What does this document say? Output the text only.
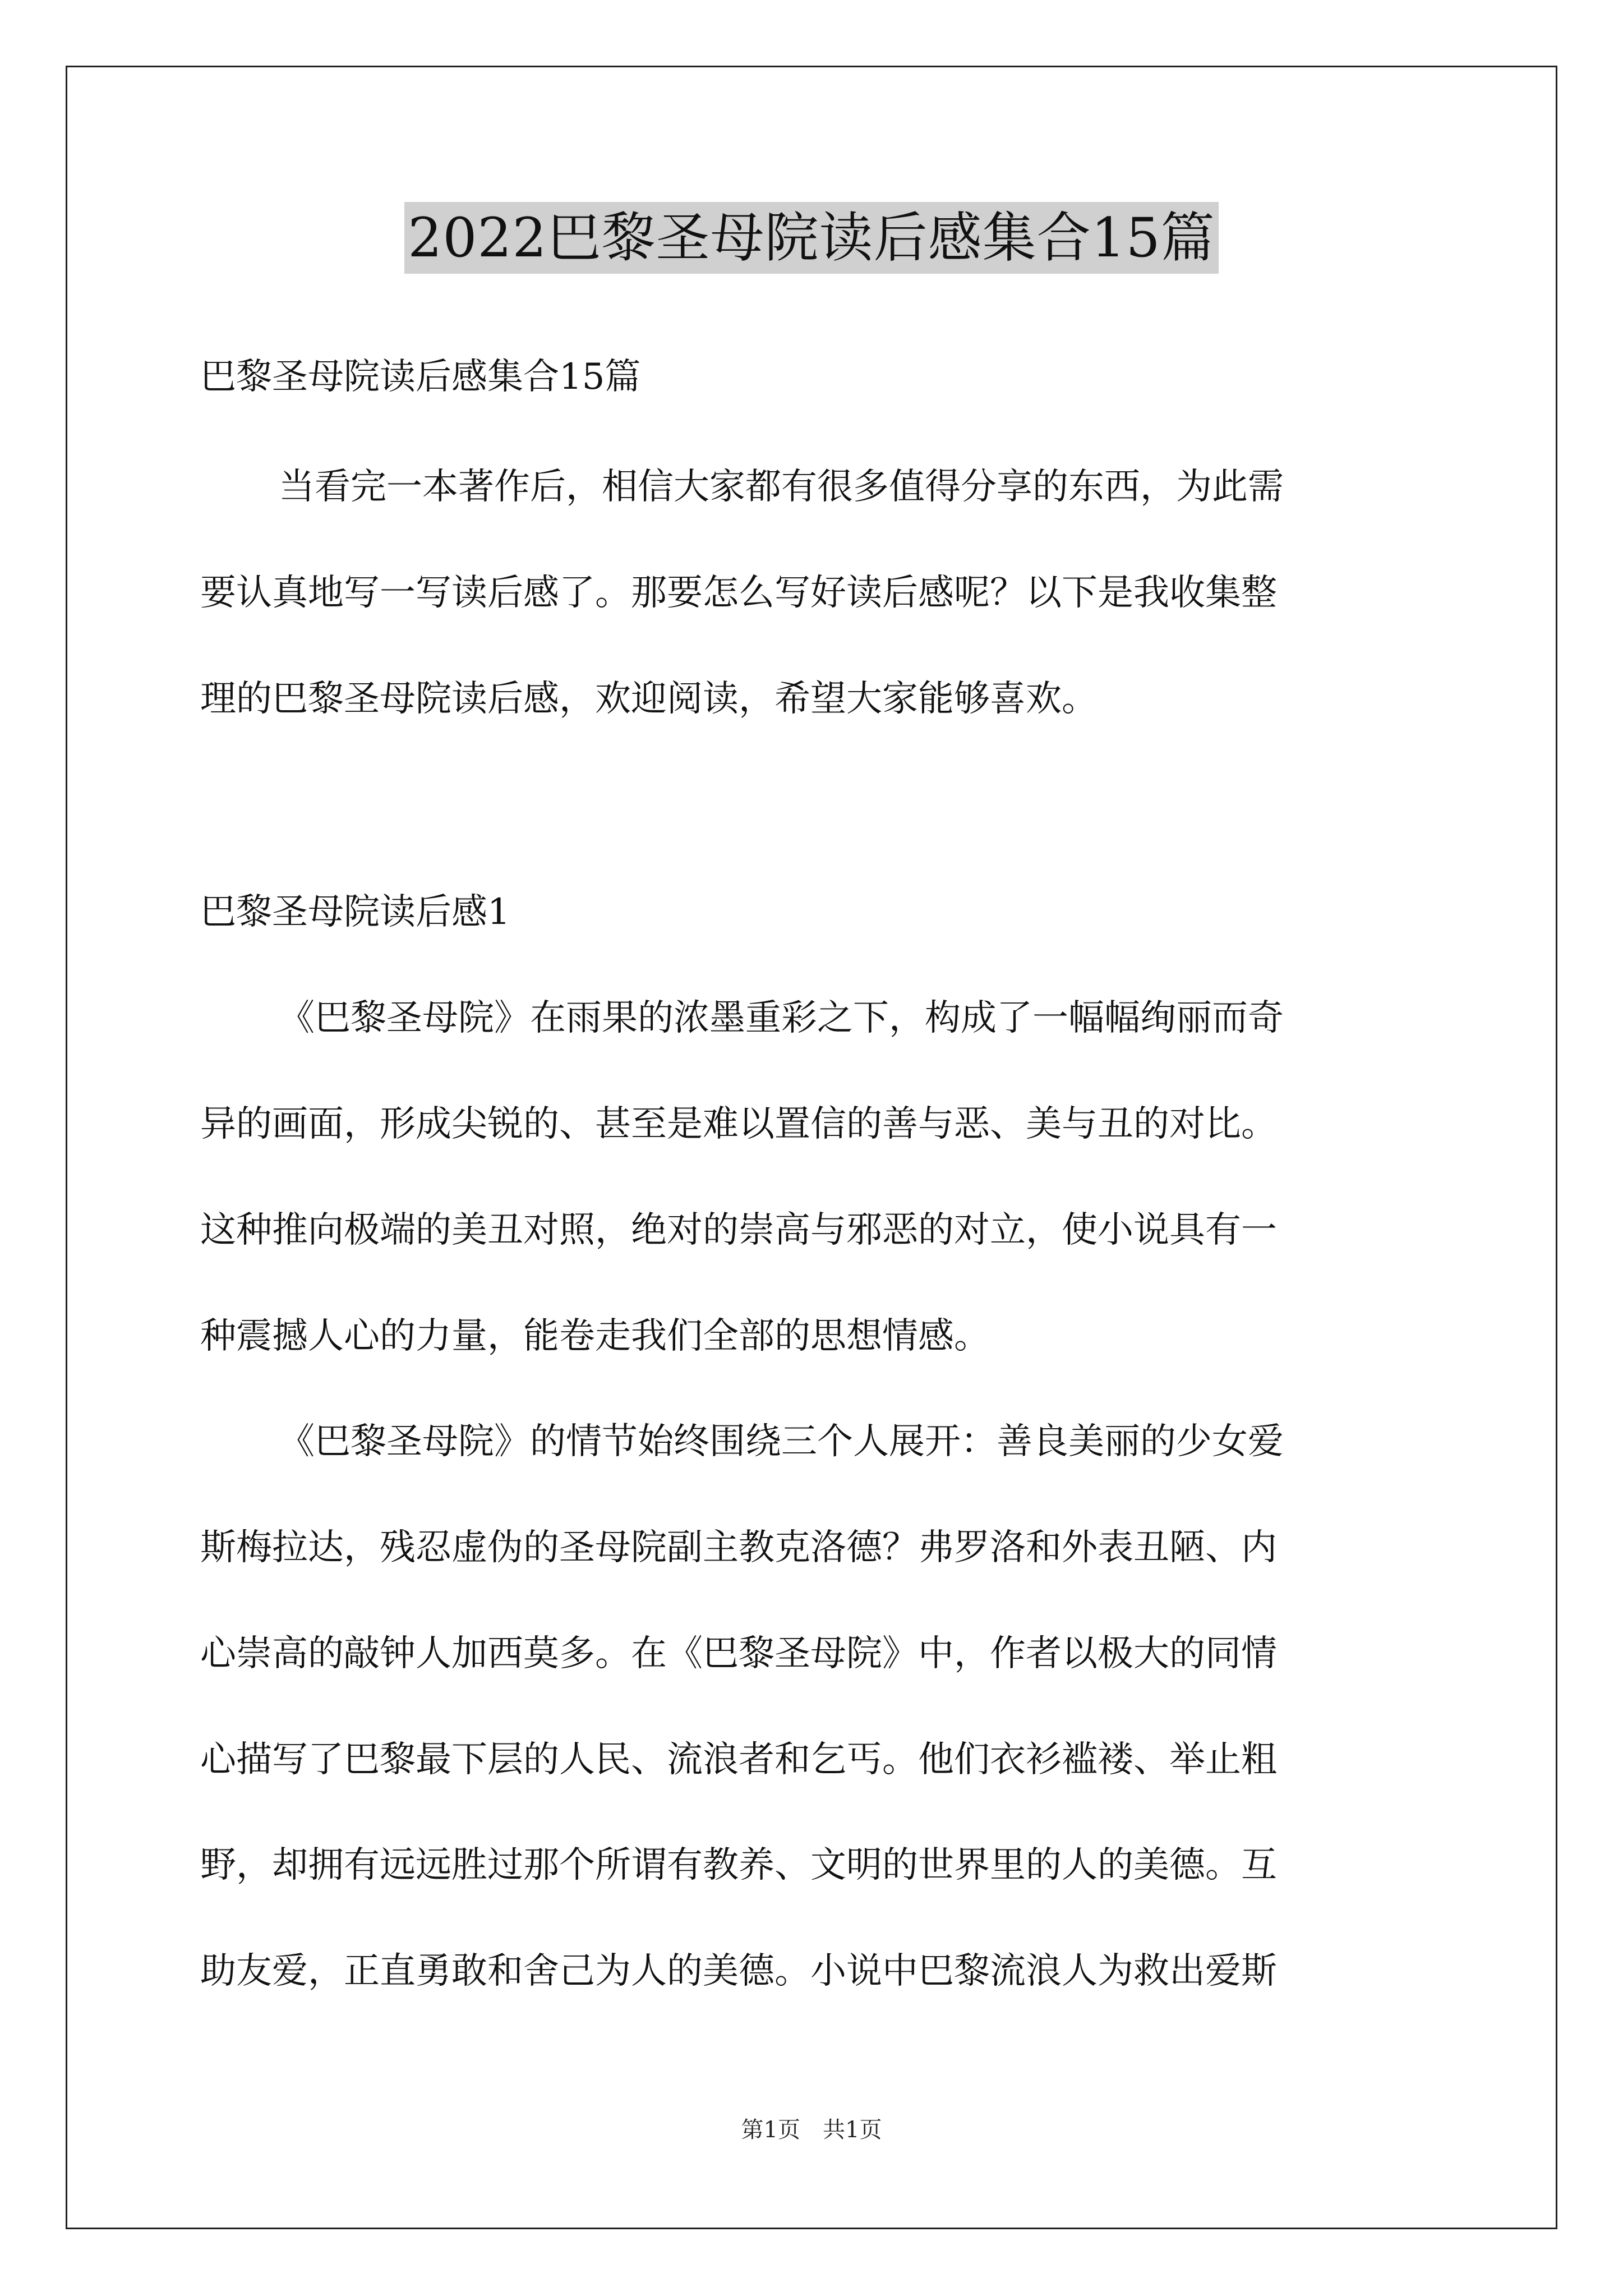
2022巴黎圣母院读后感集合15篇
巴黎圣母院读后感集合15篇
当看完一本著作后，相信大家都有很多值得分享的东西，为此需
要认真地写一写读后感了。那要怎么写好读后感呢？以下是我收集整
理的巴黎圣母院读后感，欢迎阅读，希望大家能够喜欢。
巴黎圣母院读后感1
《巴黎圣母院》在雨果的浓墨重彩之下，构成了一幅幅绚丽而奇
异的画面，形成尖锐的、甚至是难以置信的善与恶、美与丑的对比。
这种推向极端的美丑对照，绝对的崇高与邪恶的对立，使小说具有一
种震撼人心的力量，能卷走我们全部的思想情感。
《巴黎圣母院》的情节始终围绕三个人展开：善良美丽的少女爱
斯梅拉达，残忍虚伪的圣母院副主教克洛德？弗罗洛和外表丑陋、内
心崇高的敲钟人加西莫多。在《巴黎圣母院》中，作者以极大的同情
心描写了巴黎最下层的人民、流浪者和乞丐。他们衣衫褴褛、举止粗
野，却拥有远远胜过那个所谓有教养、文明的世界里的人的美德。互
助友爱，正直勇敢和舍己为人的美德。小说中巴黎流浪人为救出爱斯
第1页　共1页
